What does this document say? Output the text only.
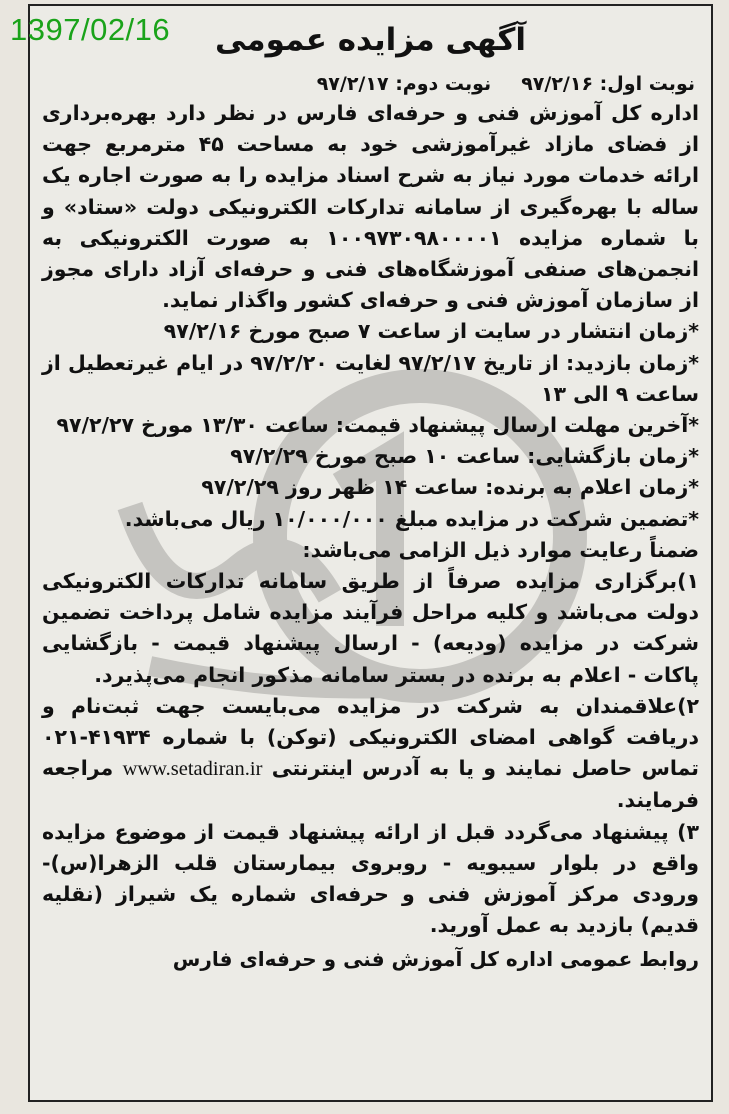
1397/02/16	آگهی مزایده عمومی
نوبت اول: ۹۷/۲/۱۶
نوبت دوم: ۹۷/۲/۱۷

اداره کل آموزش فنی و حرفه‌ای فارس در نظر دارد بهره‌برداری از فضای مازاد غیرآموزشی خود به مساحت ۴۵ مترمربع جهت ارائه خدمات مورد نیاز به شرح اسناد مزایده را به صورت اجاره یک ساله با بهره‌گیری از سامانه تدارکات الکترونیکی دولت «ستاد» و با شماره مزایده ۱۰۰۹۷۳۰۹۸۰۰۰۰۱ به صورت الکترونیکی به انجمن‌های صنفی آموزشگاه‌های فنی و حرفه‌ای آزاد دارای مجوز از سازمان آموزش فنی و حرفه‌ای کشور واگذار نماید.

*زمان انتشار در سایت از ساعت ۷ صبح مورخ ۹۷/۲/۱۶

*زمان بازدید: از تاریخ ۹۷/۲/۱۷ لغایت ۹۷/۲/۲۰ در ایام غیرتعطیل از ساعت ۹ الی ۱۳

*آخرین مهلت ارسال پیشنهاد قیمت: ساعت ۱۳/۳۰ مورخ ۹۷/۲/۲۷

*زمان بازگشایی: ساعت ۱۰ صبح مورخ ۹۷/۲/۲۹

*زمان اعلام به برنده: ساعت ۱۴ ظهر روز ۹۷/۲/۲۹

*تضمین شرکت در مزایده مبلغ ۱۰/۰۰۰/۰۰۰ ریال می‌باشد.

ضمناً رعایت موارد ذیل الزامی می‌باشد:

۱)برگزاری مزایده صرفاً از طریق سامانه تدارکات الکترونیکی دولت می‌باشد و کلیه مراحل فرآیند مزایده شامل پرداخت تضمین شرکت در مزایده (ودیعه) - ارسال پیشنهاد قیمت - بازگشایی پاکات - اعلام به برنده در بستر سامانه مذکور انجام می‌پذیرد.

۲)علاقمندان به شرکت در مزایده می‌بایست جهت ثبت‌نام و دریافت گواهی امضای الکترونیکی (توکن) با شماره ۴۱۹۳۴-۰۲۱ تماس حاصل نمایند و یا به آدرس اینترنتی www.setadiran.ir مراجعه فرمایند.

۳) پیشنهاد می‌گردد قبل از ارائه پیشنهاد قیمت از موضوع مزایده واقع در بلوار سیبویه - روبروی بیمارستان قلب الزهرا(س)- ورودی مرکز آموزش فنی و حرفه‌ای شماره یک شیراز (نقلیه قدیم) بازدید به عمل آورید.

روابط عمومی اداره کل آموزش فنی و حرفه‌ای فارس
